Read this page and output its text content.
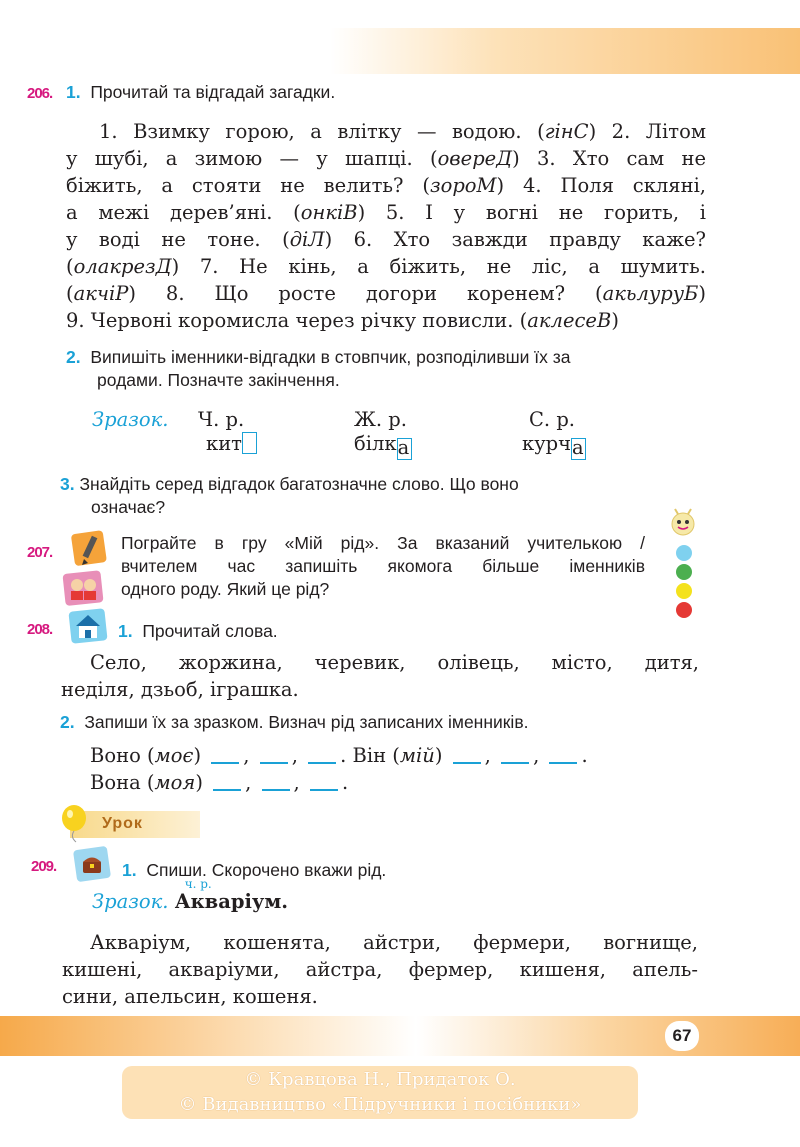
206. 1. Прочитай та відгадай загадки.
1. Взимку горою, а влітку — водою. (гінС) 2. Літом
у шубі, а зимою — у шапці. (овереД) 3. Хто сам не
біжить, а стояти не велить? (зороМ) 4. Поля скляні,
а межі дерев’яні. (онкіВ) 5. І у вогні не горить, і
у воді не тоне. (дiЛ) 6. Хто завжди правду каже?
(олакрезД) 7. Не кінь, а біжить, не ліс, а шумить.
(акчіР) 8. Що росте догори коренем? (акьлуруБ)
9. Червоні коромисла через річку повисли. (аклесеВ)
2. Випишіть іменники-відгадки в стовпчик, розподіливши їх за
родами. Позначте закінчення.
Зразок. Ч. р.	Ж. р.	С. р.
кит	білка	курча
3. Знайдіть серед відгадок багатозначне слово. Що воно
означає?
207.	Пограйте в гру «Мій рід». За вказаний учителькою /
вчителем час запишіть якомога більше іменників
одного роду. Який це рід?
208.	1. Прочитай слова.
Село, жоржина, черевик, олівець, місто, дитя,
неділя, дзьоб, іграшка.
2. Запиши їх за зразком. Визнач рід записаних іменників.
Воно (моє) , , . Він (мій) , , .
Вона (моя) , , .
Урок
209.	1. Спиши. Скорочено вкажи рід.
Зразок.
ч. р.
Акваріум.
Акваріум, кошенята, айстри, фермери, вогнище,
кишені, акваріуми, айстра, фермер, кишеня, апель-
сини, апельсин, кошеня.
67
© Кравцова Н., Придаток О.
© Видавництво «Підручники і посібники»
